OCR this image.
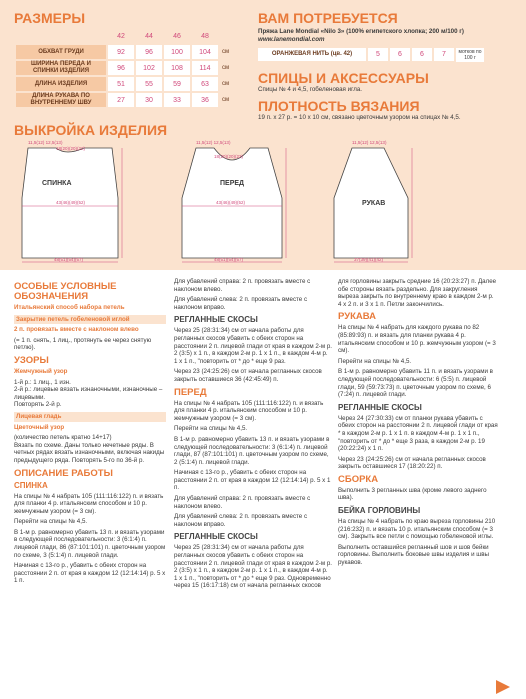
РАЗМЕРЫ
	42	44	46	48	
ОБХВАТ ГРУДИ	92	96	100	104	см
ШИРИНА ПЕРЕДА И СПИНКИ ИЗДЕЛИЯ	96	102	108	114	см
ДЛИНА ИЗДЕЛИЯ	51	55	59	63	см
ДЛИНА РУКАВА ПО ВНУТРЕННЕМУ ШВУ	27	30	33	36	см
ВАМ ПОТРЕБУЕТСЯ
Пряжа Lane Mondial «Nilo 3» (100% египетского хлопка; 200 м/100 г)
www.lanemondial.com
ОРАНЖЕВАЯ НИТЬ (цв. 42)	5	6	6	7	мотков по 100 г
СПИЦЫ И АКСЕССУАРЫ
Спицы № 4 и 4,5, гобеленовая игла.
ПЛОТНОСТЬ ВЯЗАНИЯ
19 п. x 27 р. = 10 x 10 см, связано цветочным узором на спицах № 4,5.
ВЫКРОЙКА ИЗДЕЛИЯ
СПИНКА	ПЕРЕД
РУКАВ
11,5(12) 12,5(13)
18(20)(20)(22)
43(46)(49)(52)
48(51)(54)(57)
11,5(12) 12,5(13)
18(20)(20)(22)
43(46)(49)(52)
48(51)(54)(57)
11,5(12) 12,5(13)
37(39)(41)(42)
ОСОБЫЕ УСЛОВНЫЕ ОБОЗНАЧЕНИЯ

Итальянский способ набора петель

Закрытие петель гобеленовой иглой

2 п. провязать вместе с наклоном влево

(= 1 п. снять, 1 лиц., протянуть ее через снятую петлю).

УЗОРЫ

Жемчужный узор

1-й р.: 1 лиц., 1 изн.

2-й р.: лицевые вязать изнаночными, изнаночные – лицевыми.

Повторять 2-й р.

Лицевая гладь

Цветочный узор

(количество петель кратно 14+17)

Вязать по схеме. Даны только нечетные ряды. В четных рядах вязать изнаночными, включая накиды предыдущего ряда. Повторять 5-го по 36-й р.

ОПИСАНИЕ РАБОТЫ
СПИНКА

На спицы № 4 набрать 105 (111:116:122) п. и вязать для планки 4 р. итальянским способом и 10 р. жемчужным узором (= 3 см).

Перейти на спицы № 4,5.

В 1-м р. равномерно убавить 13 п. и вязать узорами в следующей последовательности: 3 (6:1:4) п. лицевой глади, 86 (87:101:101) п. цветочным узором по схеме, 3 (5:1:4) п. лицевой глади.

Начиная с 13-го р., убавить с обеих сторон на расстоянии 2 п. от края в каждом 12 (12:14:14) р. 5 х 1 п.

Для убавлений справа: 2 п. провязать вместе с наклоном влево.

Для убавлений слева: 2 п. провязать вместе с наклоном вправо.

РЕГЛАННЫЕ СКОСЫ

Через 25 (28:31:34) см от начала работы для регланных скосов убавить с обеих сторон на расстоянии 2 п. лицевой глади от края в каждом 2-м р. 2 (3:5) х 1 п., в каждом 2-м р. 1 х 1 п., в каждом 4-м р. 1 х 1 п., "повторить от * до * еще 9 раз.

Через 23 (24:25:26) см от начала регланных скосов закрыть оставшиеся 36 (42:45:49) п.

ПЕРЕД

На спицы № 4 набрать 105 (111:116:122) п. и вязать для планки 4 р. итальянским способом и 10 р. жемчужным узором (= 3 см).

Перейти на спицы № 4,5.

В 1-м р. равномерно убавить 13 п. и вязать узорами в следующей последовательности: 3 (6:1:4) п. лицевой глади, 87 (87:101:101) п. цветочным узором по схеме, 2 (5:1:4) п. лицевой глади.

Начиная с 13-го р., убавить с обеих сторон на расстоянии 2 п. от края в каждом 12 (12:14:14) р. 5 х 1 п.

Для убавлений справа: 2 п. провязать вместе с наклоном влево.

Для убавлений слева: 2 п. провязать вместе с наклоном вправо.

РЕГЛАННЫЕ СКОСЫ

Через 25 (28:31:34) см от начала работы для регланных скосов убавить с обеих сторон на расстоянии 2 п. лицевой глади от края в каждом 2-м р. 2 (3:5) х 1 п., в каждом 2-м р. 1 х 1 п., в каждом 4-м р. 1 х 1 п., "повторить от * до * еще 9 раз. Одновременно через 15 (16:17:18) см от начала регланных скосов

для горловины закрыть средние 16 (20:23:27) п. Далее обе стороны вязать раздельно. Для закругления выреза закрыть по внутреннему краю в каждом 2-м р. 4 х 2 п. и 3 х 1 п. Петли закончились.

РУКАВА

На спицы № 4 набрать для каждого рукава по 82 (85:89:93) п. и вязать для планки рукава 4 р. итальянским способом и 10 р. жемчужным узором (= 3 см).

Перейти на спицы № 4,5.

В 1-м р. равномерно убавить 11 п. и вязать узорами в следующей последовательности: 6 (5:5) п. лицевой глади, 59 (59:73:73) п. цветочным узором по схеме, 6 (7:24) п. лицевой глади.

РЕГЛАННЫЕ СКОСЫ

Через 24 (27:30:33) см от планки рукава убавить с обеих сторон на расстоянии 2 п. лицевой глади от края * в каждом 2-м р. 1 х 1 п. в каждом 4-м р. 1 х 1 п., "повторить от * до * еще 3 раза, в каждом 2-м р. 19 (20:22:24) х 1 п.

Через 23 (24:25:26) см от начала регланных скосов закрыть оставшиеся 17 (18:20:22) п.

СБОРКА

Выполнить 3 регланных шва (кроме левого заднего шва).

БЕЙКА ГОРЛОВИНЫ

На спицы № 4 набрать по краю выреза горловины 210 (216:232) п. и вязать 10 р. итальянским способом (= 3 см). Закрыть все петли с помощью гобеленовой иглы.

Выполнить оставшийся регланный шов и шов бейки горловины. Выполнить боковые швы изделия и швы рукавов.
